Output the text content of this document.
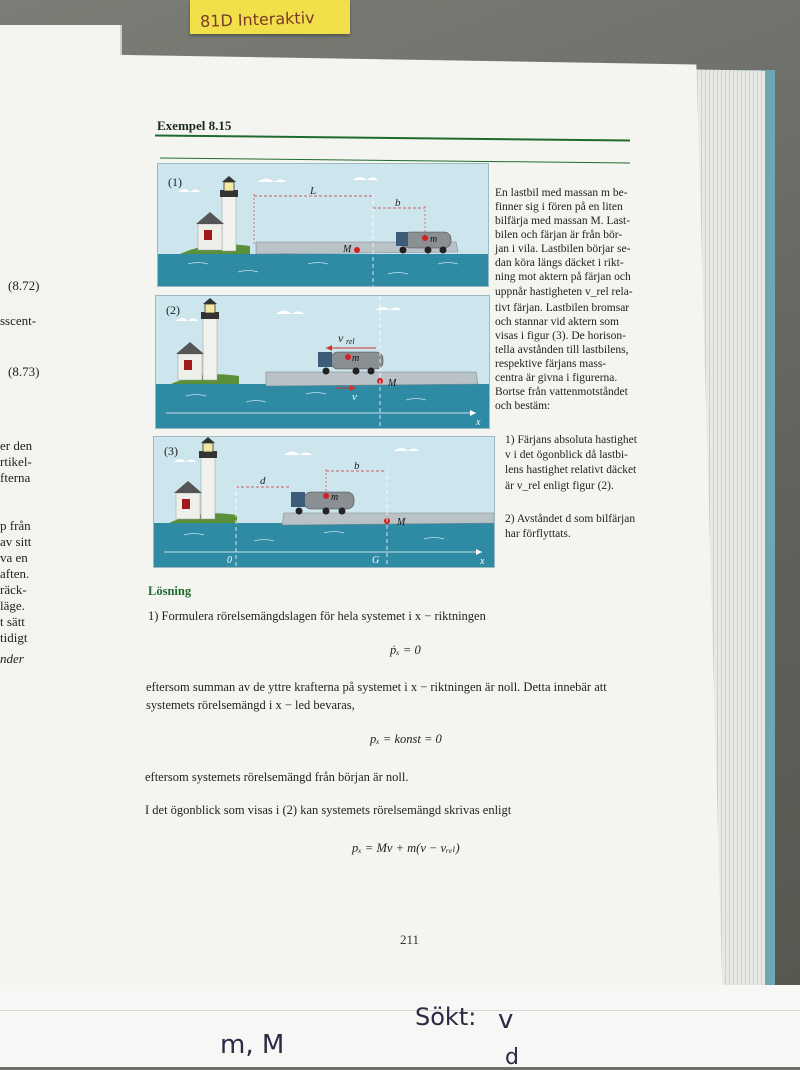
81D Interaktiv
(8.72)
sscent-
(8.73)
er den
rtikel-
fterna
p från
av sitt
va en
aften.
räck-
läge.
t sätt
tidigt
nder
Exempel 8.15
(1)
L
b
m
M
(2)
v rel
m
M
v
x
(3)
d
b
m
M
0	G	x
En lastbil med massan m be-
finner sig i fören på en liten
bilfärja med massan M. Last-
bilen och färjan är från bör-
jan i vila. Lastbilen börjar se-
dan köra längs däcket i rikt-
ning mot aktern på färjan och
uppnår hastigheten v_rel rela-
tivt färjan. Lastbilen bromsar
och stannar vid aktern som
visas i figur (3). De horison-
tella avstånden till lastbilens,
respektive färjans mass-
centra är givna i figurerna.
Bortse från vattenmotståndet
och bestäm:
1) Färjans absoluta hastighet
v i det ögonblick då lastbi-
lens hastighet relativt däcket
är v_rel enligt figur (2).
2) Avståndet d som bilfärjan
har förflyttats.
Lösning
1) Formulera rörelsemängdslagen för hela systemet i x − riktningen
ṗₓ = 0
eftersom summan av de yttre krafterna på systemet i x − riktningen är noll. Detta innebär att
systemets rörelsemängd i x − led bevaras,
pₓ = konst = 0
eftersom systemets rörelsemängd från början är noll.
I det ögonblick som visas i (2) kan systemets rörelsemängd skrivas enligt
pₓ = Mv + m(v − vᵣₑₗ)
211
m, M
Sökt: v
d
